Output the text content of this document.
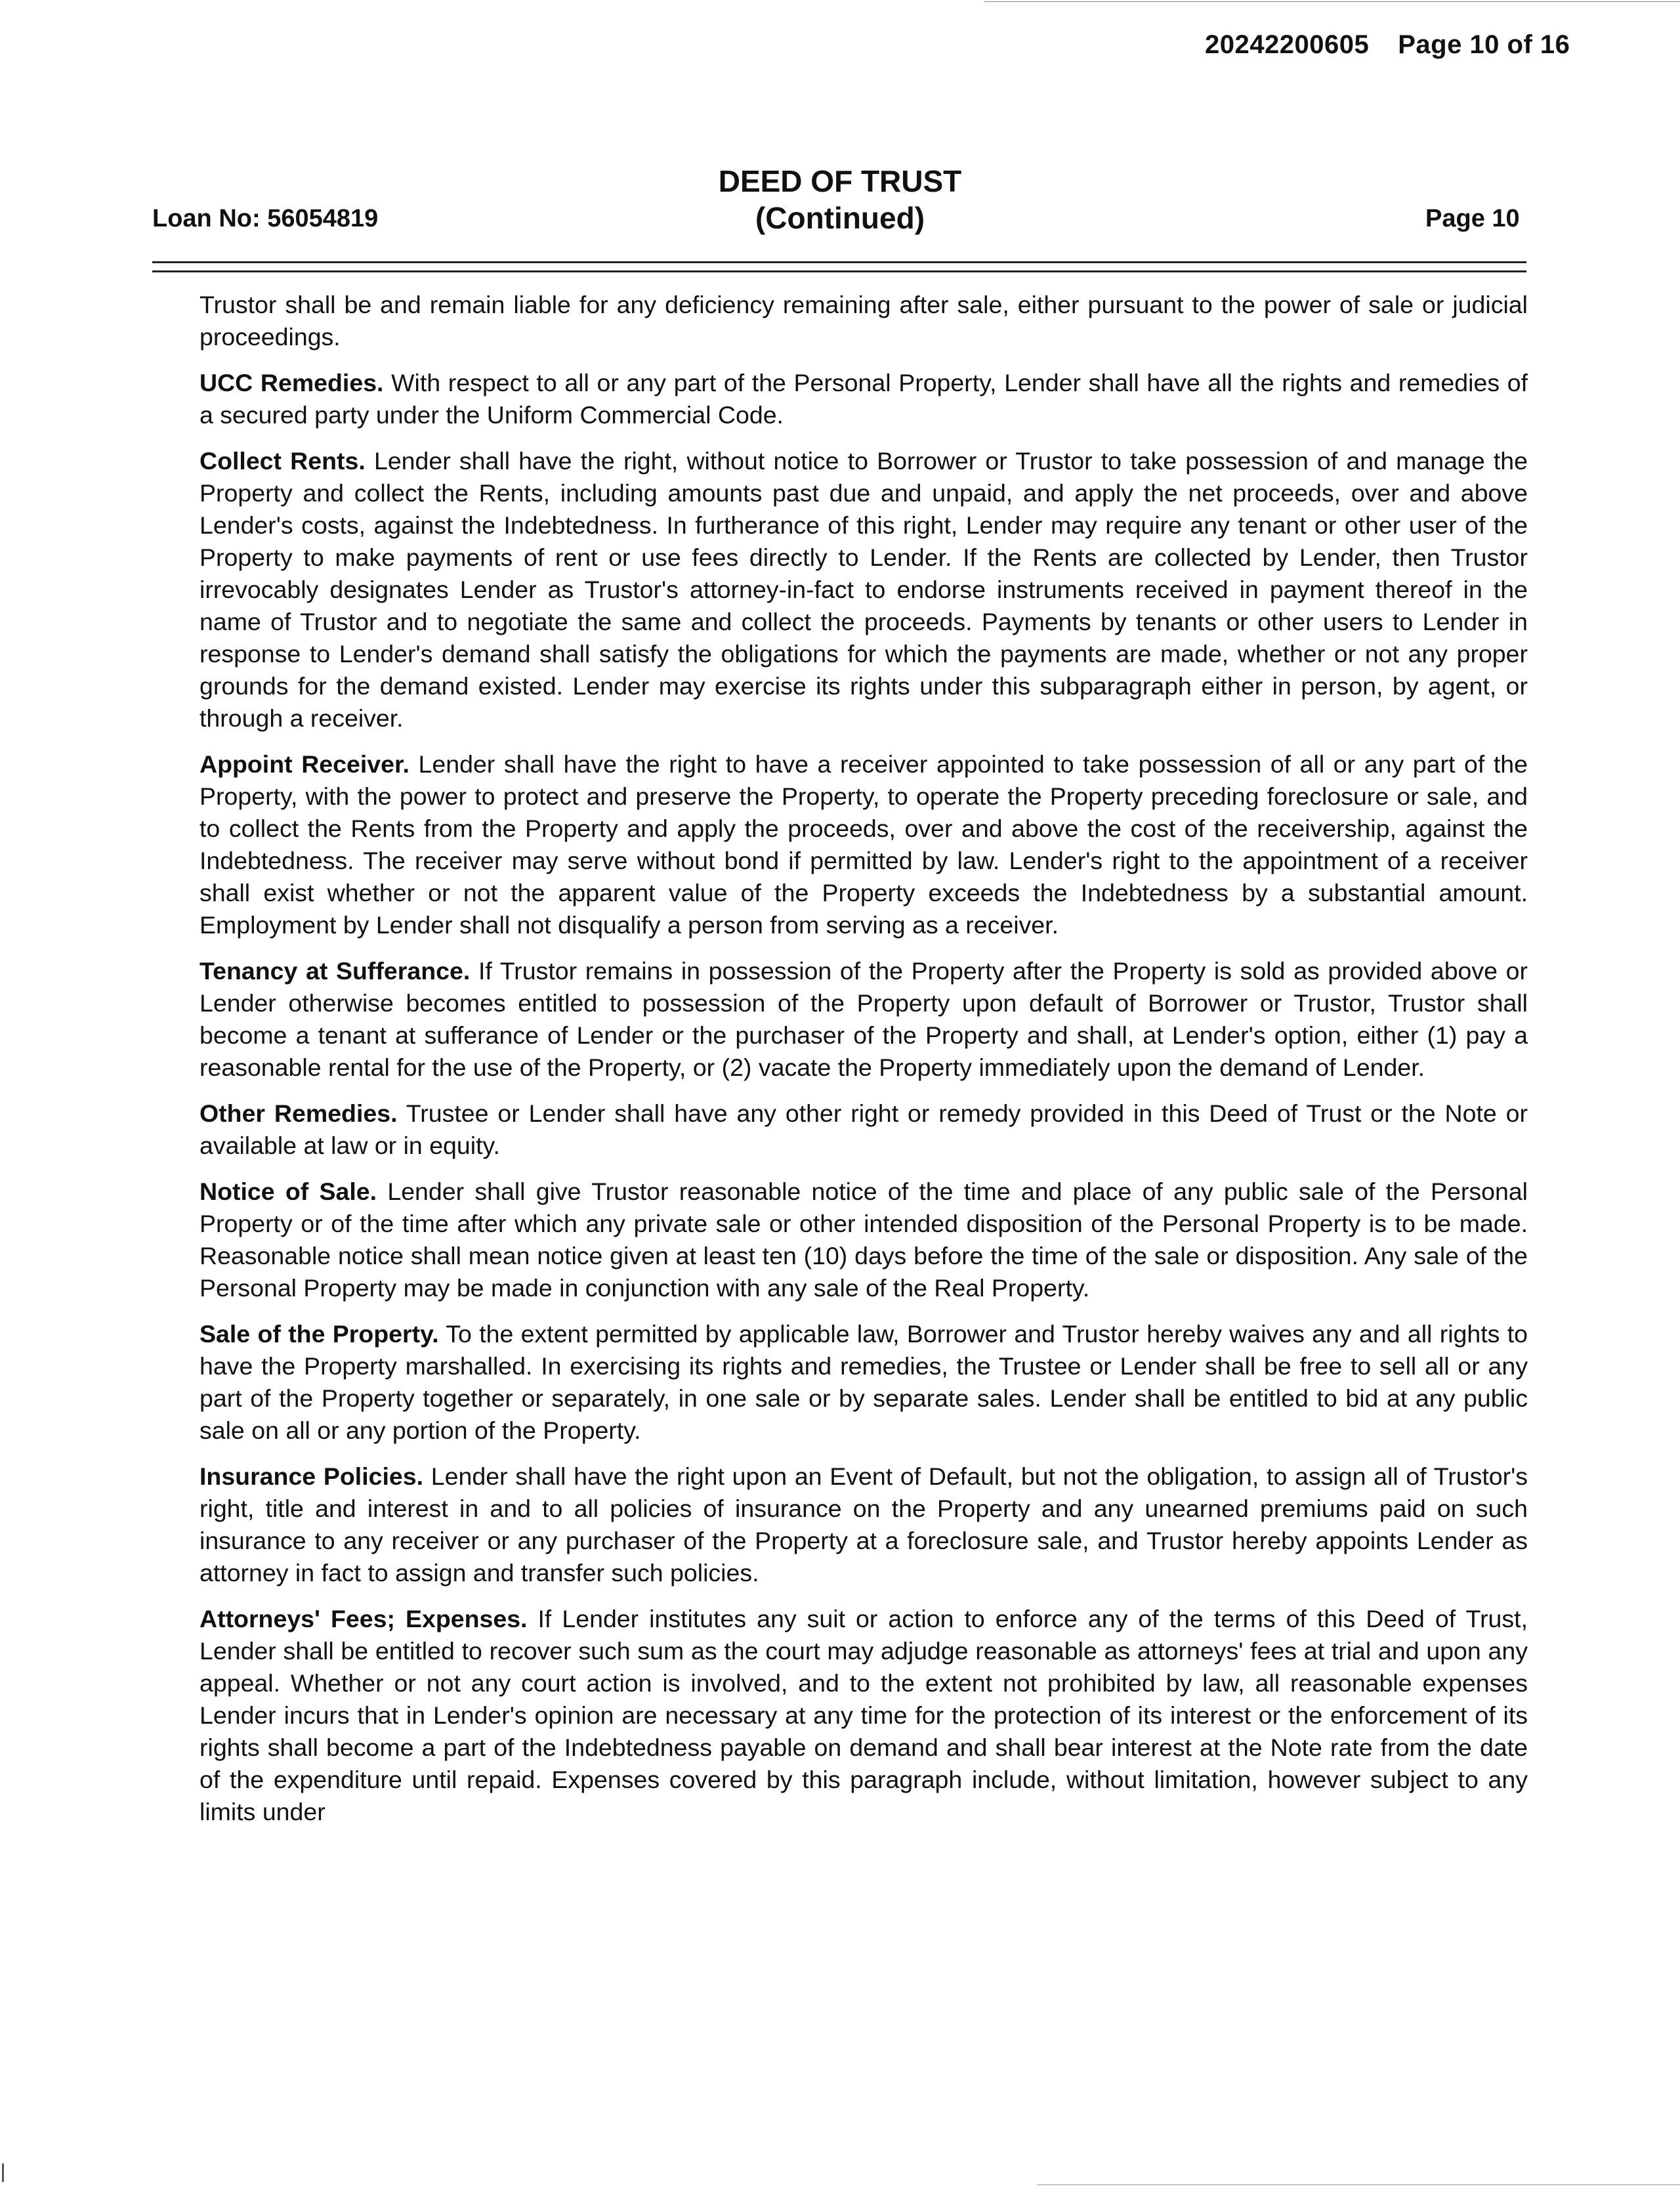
20242200605 Page 10 of 16
DEED OF TRUST
(Continued)
Loan No: 56054819	Page 10

Trustor shall be and remain liable for any deficiency remaining after sale, either pursuant to the power of sale or judicial proceedings.

UCC Remedies. With respect to all or any part of the Personal Property, Lender shall have all the rights and remedies of a secured party under the Uniform Commercial Code.

Collect Rents. Lender shall have the right, without notice to Borrower or Trustor to take possession of and manage the Property and collect the Rents, including amounts past due and unpaid, and apply the net proceeds, over and above Lender's costs, against the Indebtedness. In furtherance of this right, Lender may require any tenant or other user of the Property to make payments of rent or use fees directly to Lender. If the Rents are collected by Lender, then Trustor irrevocably designates Lender as Trustor's attorney-in-fact to endorse instruments received in payment thereof in the name of Trustor and to negotiate the same and collect the proceeds. Payments by tenants or other users to Lender in response to Lender's demand shall satisfy the obligations for which the payments are made, whether or not any proper grounds for the demand existed. Lender may exercise its rights under this subparagraph either in person, by agent, or through a receiver.

Appoint Receiver. Lender shall have the right to have a receiver appointed to take possession of all or any part of the Property, with the power to protect and preserve the Property, to operate the Property preceding foreclosure or sale, and to collect the Rents from the Property and apply the proceeds, over and above the cost of the receivership, against the Indebtedness. The receiver may serve without bond if permitted by law. Lender's right to the appointment of a receiver shall exist whether or not the apparent value of the Property exceeds the Indebtedness by a substantial amount. Employment by Lender shall not disqualify a person from serving as a receiver.

Tenancy at Sufferance. If Trustor remains in possession of the Property after the Property is sold as provided above or Lender otherwise becomes entitled to possession of the Property upon default of Borrower or Trustor, Trustor shall become a tenant at sufferance of Lender or the purchaser of the Property and shall, at Lender's option, either (1) pay a reasonable rental for the use of the Property, or (2) vacate the Property immediately upon the demand of Lender.

Other Remedies. Trustee or Lender shall have any other right or remedy provided in this Deed of Trust or the Note or available at law or in equity.

Notice of Sale. Lender shall give Trustor reasonable notice of the time and place of any public sale of the Personal Property or of the time after which any private sale or other intended disposition of the Personal Property is to be made. Reasonable notice shall mean notice given at least ten (10) days before the time of the sale or disposition. Any sale of the Personal Property may be made in conjunction with any sale of the Real Property.

Sale of the Property. To the extent permitted by applicable law, Borrower and Trustor hereby waives any and all rights to have the Property marshalled. In exercising its rights and remedies, the Trustee or Lender shall be free to sell all or any part of the Property together or separately, in one sale or by separate sales. Lender shall be entitled to bid at any public sale on all or any portion of the Property.

Insurance Policies. Lender shall have the right upon an Event of Default, but not the obligation, to assign all of Trustor's right, title and interest in and to all policies of insurance on the Property and any unearned premiums paid on such insurance to any receiver or any purchaser of the Property at a foreclosure sale, and Trustor hereby appoints Lender as attorney in fact to assign and transfer such policies.

Attorneys' Fees; Expenses. If Lender institutes any suit or action to enforce any of the terms of this Deed of Trust, Lender shall be entitled to recover such sum as the court may adjudge reasonable as attorneys' fees at trial and upon any appeal. Whether or not any court action is involved, and to the extent not prohibited by law, all reasonable expenses Lender incurs that in Lender's opinion are necessary at any time for the protection of its interest or the enforcement of its rights shall become a part of the Indebtedness payable on demand and shall bear interest at the Note rate from the date of the expenditure until repaid. Expenses covered by this paragraph include, without limitation, however subject to any limits under
